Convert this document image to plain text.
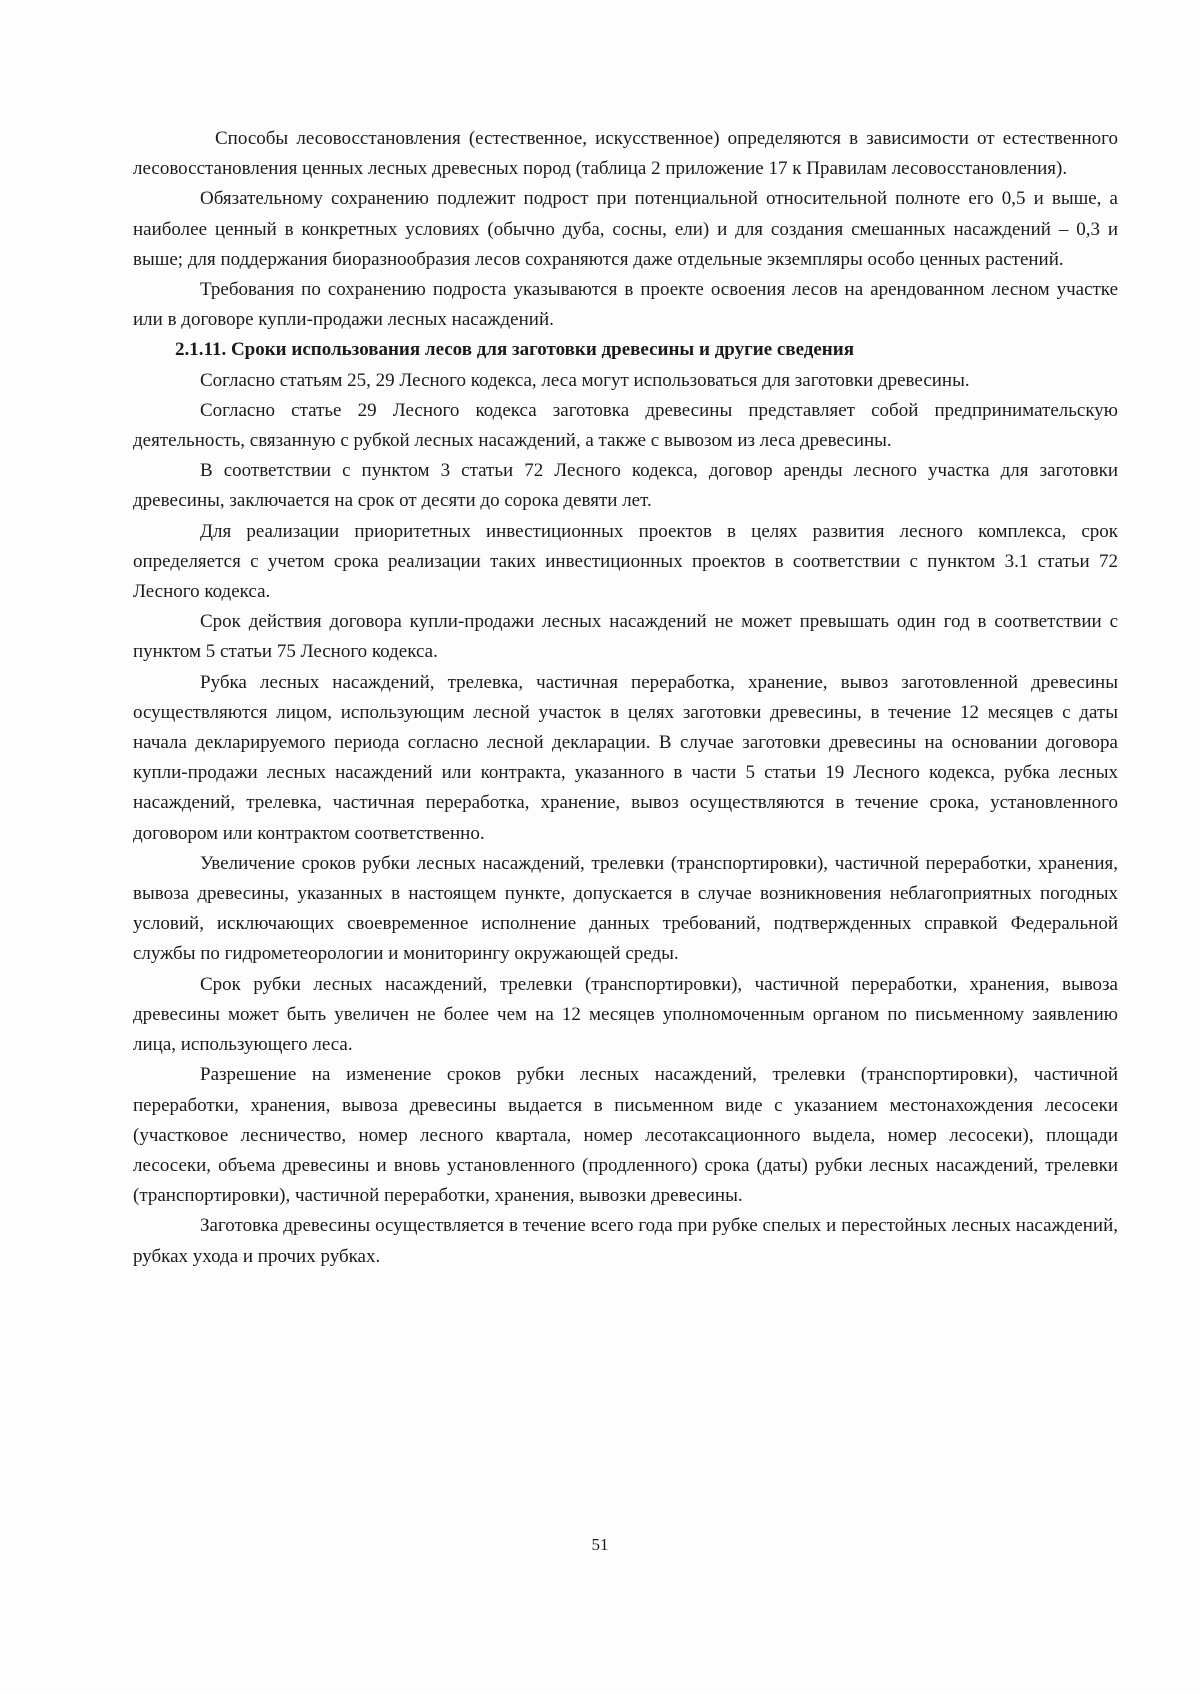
Способы лесовосстановления (естественное, искусственное) определяются в зависимости от естественного лесовосстановления ценных лесных древесных пород (таблица 2 приложение 17 к Правилам лесовосстановления).

Обязательному сохранению подлежит подрост при потенциальной относительной полноте его 0,5 и выше, а наиболее ценный в конкретных условиях (обычно дуба, сосны, ели) и для создания смешанных насаждений – 0,3 и выше; для поддержания биоразнообразия лесов сохраняются даже отдельные экземпляры особо ценных растений.

Требования по сохранению подроста указываются в проекте освоения лесов на арендованном лесном участке или в договоре купли-продажи лесных насаждений.

2.1.11. Сроки использования лесов для заготовки древесины и другие сведения

Согласно статьям 25, 29 Лесного кодекса, леса могут использоваться для заготовки древесины.

Согласно статье 29 Лесного кодекса заготовка древесины представляет собой предпринимательскую деятельность, связанную с рубкой лесных насаждений, а также с вывозом из леса древесины.

В соответствии с пунктом 3 статьи 72 Лесного кодекса, договор аренды лесного участка для заготовки древесины, заключается на срок от десяти до сорока девяти лет.

Для реализации приоритетных инвестиционных проектов в целях развития лесного комплекса, срок определяется с учетом срока реализации таких инвестиционных проектов в соответствии с пунктом 3.1 статьи 72 Лесного кодекса.

Срок действия договора купли-продажи лесных насаждений не может превышать один год в соответствии с пунктом 5 статьи 75 Лесного кодекса.

Рубка лесных насаждений, трелевка, частичная переработка, хранение, вывоз заготовленной древесины осуществляются лицом, использующим лесной участок в целях заготовки древесины, в течение 12 месяцев с даты начала декларируемого периода согласно лесной декларации. В случае заготовки древесины на основании договора купли-продажи лесных насаждений или контракта, указанного в части 5 статьи 19 Лесного кодекса, рубка лесных насаждений, трелевка, частичная переработка, хранение, вывоз осуществляются в течение срока, установленного договором или контрактом соответственно.

Увеличение сроков рубки лесных насаждений, трелевки (транспортировки), частичной переработки, хранения, вывоза древесины, указанных в настоящем пункте, допускается в случае возникновения неблагоприятных погодных условий, исключающих своевременное исполнение данных требований, подтвержденных справкой Федеральной службы по гидрометеорологии и мониторингу окружающей среды.

Срок рубки лесных насаждений, трелевки (транспортировки), частичной переработки, хранения, вывоза древесины может быть увеличен не более чем на 12 месяцев уполномоченным органом по письменному заявлению лица, использующего леса.

Разрешение на изменение сроков рубки лесных насаждений, трелевки (транспортировки), частичной переработки, хранения, вывоза древесины выдается в письменном виде с указанием местонахождения лесосеки (участковое лесничество, номер лесного квартала, номер лесотаксационного выдела, номер лесосеки), площади лесосеки, объема древесины и вновь установленного (продленного) срока (даты) рубки лесных насаждений, трелевки (транспортировки), частичной переработки, хранения, вывозки древесины.

Заготовка древесины осуществляется в течение всего года при рубке спелых и перестойных лесных насаждений, рубках ухода и прочих рубках.

51
